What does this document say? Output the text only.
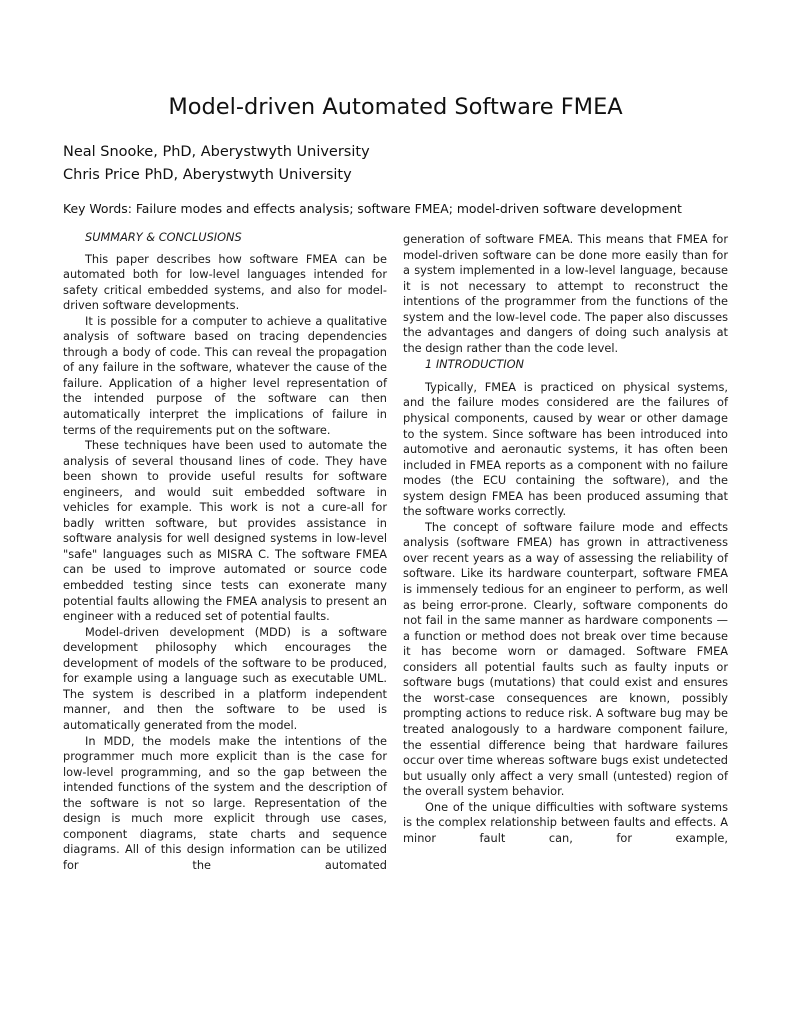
Model-driven Automated Software FMEA

Neal Snooke, PhD, Aberystwyth University

Chris Price PhD, Aberystwyth University

Key Words: Failure modes and effects analysis; software FMEA; model-driven software development

SUMMARY & CONCLUSIONS

This paper describes how software FMEA can be automated both for low-level languages intended for safety critical embedded systems, and also for model-driven software developments.

It is possible for a computer to achieve a qualitative analysis of software based on tracing dependencies through a body of code. This can reveal the propagation of any failure in the software, whatever the cause of the failure. Application of a higher level representation of the intended purpose of the software can then automatically interpret the implications of failure in terms of the requirements put on the software.

These techniques have been used to automate the analysis of several thousand lines of code. They have been shown to provide useful results for software engineers, and would suit embedded software in vehicles for example. This work is not a cure-all for badly written software, but provides assistance in software analysis for well designed systems in low-level "safe" languages such as MISRA C. The software FMEA can be used to improve automated or source code embedded testing since tests can exonerate many potential faults allowing the FMEA analysis to present an engineer with a reduced set of potential faults.

Model-driven development (MDD) is a software development philosophy which encourages the development of models of the software to be produced, for example using a language such as executable UML. The system is described in a platform independent manner, and then the software to be used is automatically generated from the model.

In MDD, the models make the intentions of the programmer much more explicit than is the case for low-level programming, and so the gap between the intended functions of the system and the description of the software is not so large. Representation of the design is much more explicit through use cases, component diagrams, state charts and sequence diagrams. All of this design information can be utilized for the automated

generation of software FMEA. This means that FMEA for model-driven software can be done more easily than for a system implemented in a low-level language, because it is not necessary to attempt to reconstruct the intentions of the programmer from the functions of the system and the low-level code. The paper also discusses the advantages and dangers of doing such analysis at the design rather than the code level.

1 INTRODUCTION

Typically, FMEA is practiced on physical systems, and the failure modes considered are the failures of physical components, caused by wear or other damage to the system. Since software has been introduced into automotive and aeronautic systems, it has often been included in FMEA reports as a component with no failure modes (the ECU containing the software), and the system design FMEA has been produced assuming that the software works correctly.

The concept of software failure mode and effects analysis (software FMEA) has grown in attractiveness over recent years as a way of assessing the reliability of software. Like its hardware counterpart, software FMEA is immensely tedious for an engineer to perform, as well as being error-prone. Clearly, software components do not fail in the same manner as hardware components — a function or method does not break over time because it has become worn or damaged. Software FMEA considers all potential faults such as faulty inputs or software bugs (mutations) that could exist and ensures the worst-case consequences are known, possibly prompting actions to reduce risk. A software bug may be treated analogously to a hardware component failure, the essential difference being that hardware failures occur over time whereas software bugs exist undetected but usually only affect a very small (untested) region of the overall system behavior.

One of the unique difficulties with software systems is the complex relationship between faults and effects. A minor fault can, for example,
